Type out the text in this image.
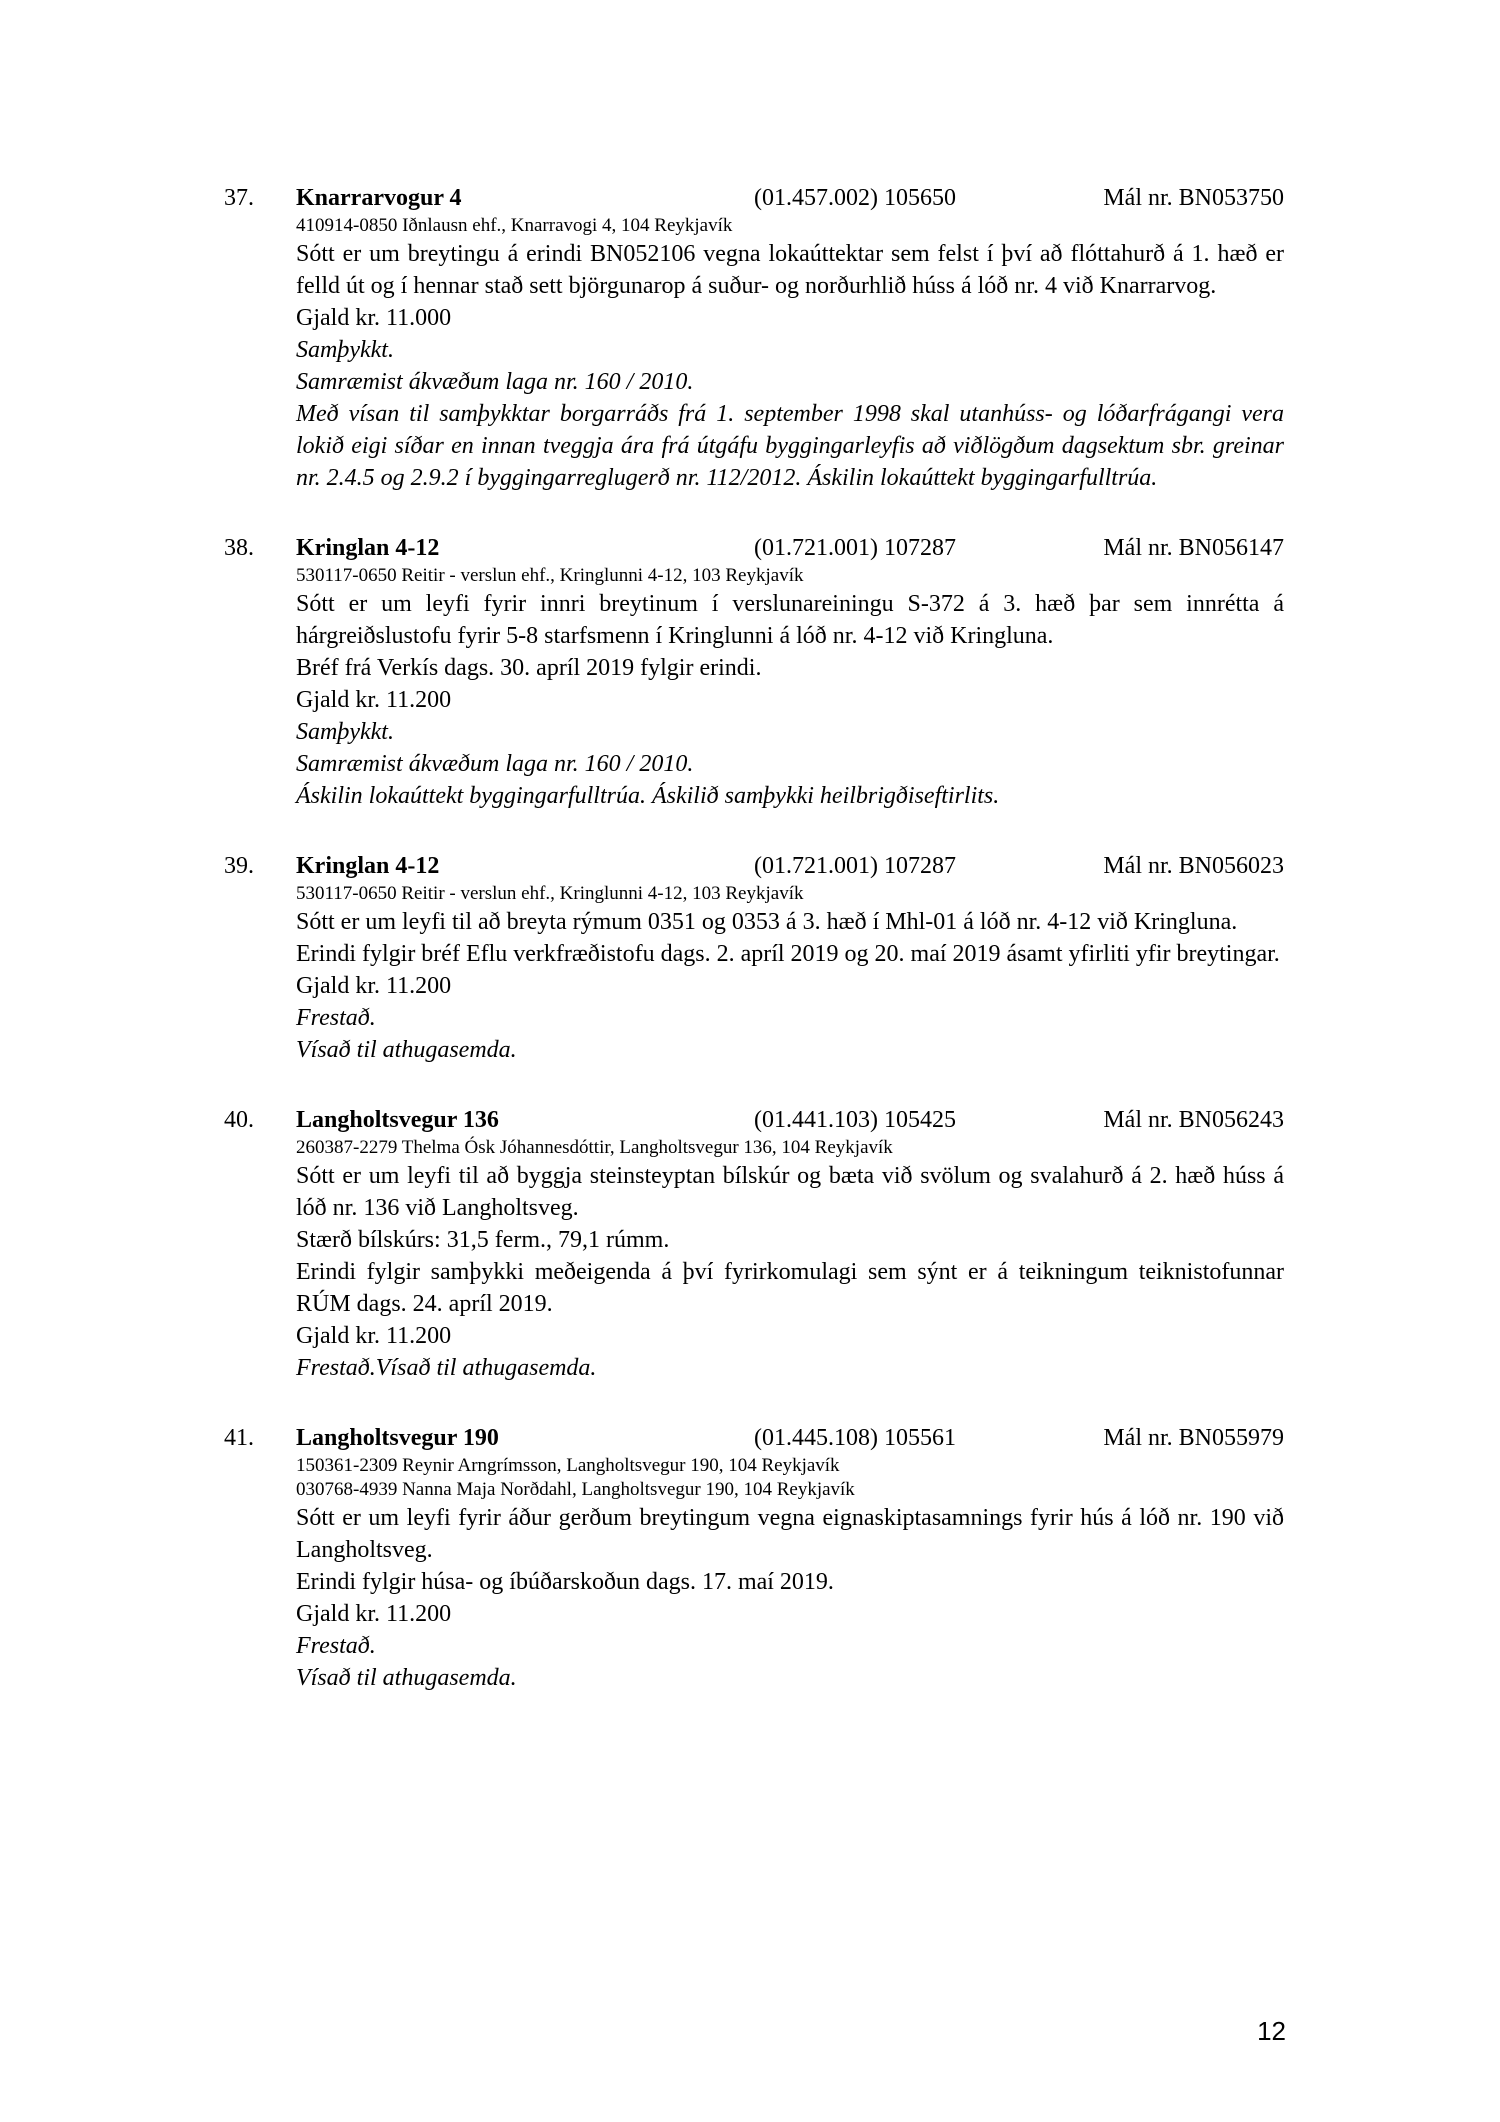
37. Knarrarvogur 4	(01.457.002) 105650	Mál nr. BN053750
410914-0850 Iðnlausn ehf., Knarravogi 4, 104 Reykjavík
Sótt er um breytingu á erindi BN052106 vegna lokaúttektar sem felst í því að flóttahurð á 1. hæð er felld út og í hennar stað sett björgunarop á suður- og norðurhlið húss á lóð nr. 4 við Knarrarvog.
Gjald kr. 11.000
Samþykkt.
Samræmist ákvæðum laga nr. 160 / 2010.
Með vísan til samþykktar borgarráðs frá 1. september 1998 skal utanhúss- og lóðarfrágangi vera lokið eigi síðar en innan tveggja ára frá útgáfu byggingarleyfis að viðlögðum dagsektum sbr. greinar nr. 2.4.5 og 2.9.2 í byggingarreglugerð nr. 112/2012. Áskilin lokaúttekt byggingarfulltrúa.
38. Kringlan 4-12	(01.721.001) 107287	Mál nr. BN056147
530117-0650 Reitir - verslun ehf., Kringlunni 4-12, 103 Reykjavík
Sótt er um leyfi fyrir innri breytinum í verslunareiningu S-372 á 3. hæð þar sem innrétta á hárgreiðslustofu fyrir 5-8 starfsmenn í Kringlunni á lóð nr. 4-12 við Kringluna.
Bréf frá Verkís dags. 30. apríl 2019 fylgir erindi.
Gjald kr. 11.200
Samþykkt.
Samræmist ákvæðum laga nr. 160 / 2010.
Áskilin lokaúttekt byggingarfulltrúa. Áskilið samþykki heilbrigðiseftirlits.
39. Kringlan 4-12	(01.721.001) 107287	Mál nr. BN056023
530117-0650 Reitir - verslun ehf., Kringlunni 4-12, 103 Reykjavík
Sótt er um leyfi til að breyta rýmum 0351 og 0353 á 3. hæð í Mhl-01 á lóð nr. 4-12 við Kringluna.
Erindi fylgir bréf Eflu verkfræðistofu dags. 2. apríl 2019 og 20. maí 2019 ásamt yfirliti yfir breytingar.
Gjald kr. 11.200
Frestað.
Vísað til athugasemda.
40. Langholtsvegur 136	(01.441.103) 105425	Mál nr. BN056243
260387-2279 Thelma Ósk Jóhannesdóttir, Langholtsvegur 136, 104 Reykjavík
Sótt er um leyfi til að byggja steinsteyptan bílskúr og bæta við svölum og svalahurð á 2. hæð húss á lóð nr. 136 við Langholtsveg.
Stærð bílskúrs: 31,5 ferm., 79,1 rúmm.
Erindi fylgir samþykki meðeigenda á því fyrirkomulagi sem sýnt er á teikningum teiknistofunnar RÚM dags. 24. apríl 2019.
Gjald kr. 11.200
Frestað.Vísað til athugasemda.
41. Langholtsvegur 190	(01.445.108) 105561	Mál nr. BN055979
150361-2309 Reynir Arngrímsson, Langholtsvegur 190, 104 Reykjavík
030768-4939 Nanna Maja Norðdahl, Langholtsvegur 190, 104 Reykjavík
Sótt er um leyfi fyrir áður gerðum breytingum vegna eignaskiptasamnings fyrir hús á lóð nr. 190 við Langholtsveg.
Erindi fylgir húsa- og íbúðarskoðun dags. 17. maí 2019.
Gjald kr. 11.200
Frestað.
Vísað til athugasemda.
12
